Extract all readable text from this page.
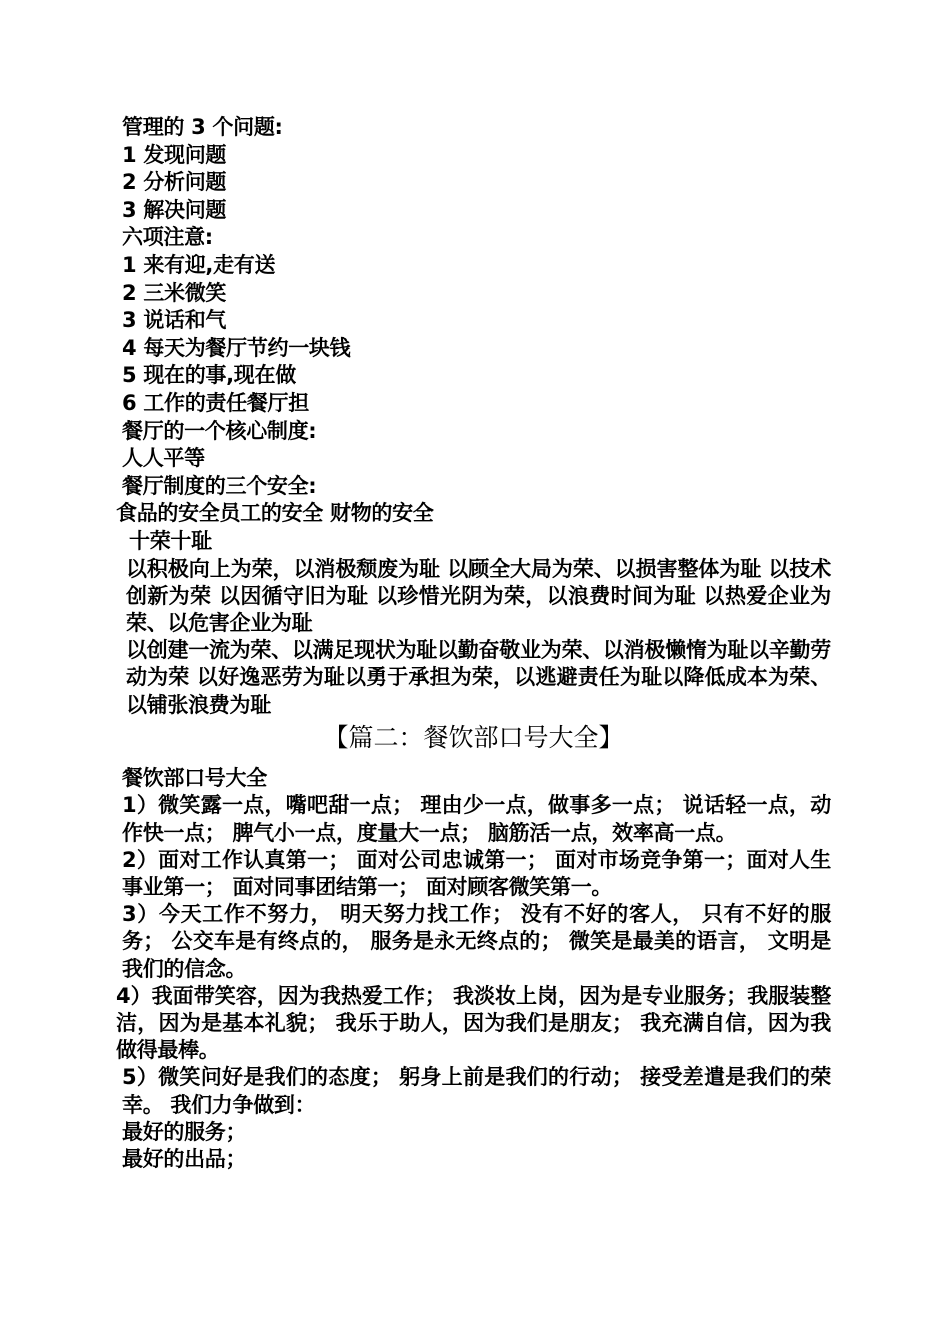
管理的 3 个问题:
1 发现问题
2 分析问题
3 解决问题
六项注意:
1 来有迎,走有送
2 三米微笑
3 说话和气
4 每天为餐厅节约一块钱
5 现在的事,现在做
6 工作的责任餐厅担
餐厅的一个核心制度:
人人平等
餐厅制度的三个安全:
食品的安全员工的安全 财物的安全
十荣十耻
以积极向上为荣，以消极颓废为耻 以顾全大局为荣、以损害整体为耻 以技术创新为荣 以因循守旧为耻 以珍惜光阴为荣，以浪费时间为耻 以热爱企业为荣、以危害企业为耻
以创建一流为荣、以满足现状为耻以勤奋敬业为荣、以消极懒惰为耻以辛勤劳动为荣 以好逸恶劳为耻以勇于承担为荣，以逃避责任为耻以降低成本为荣、以铺张浪费为耻
【篇二：餐饮部口号大全】
餐饮部口号大全
1）微笑露一点，嘴吧甜一点； 理由少一点，做事多一点； 说话轻一点，动作快一点； 脾气小一点，度量大一点； 脑筋活一点，效率高一点。
2）面对工作认真第一； 面对公司忠诚第一； 面对市场竞争第一；面对人生事业第一； 面对同事团结第一； 面对顾客微笑第一。
3）今天工作不努力， 明天努力找工作； 没有不好的客人， 只有不好的服务； 公交车是有终点的， 服务是永无终点的； 微笑是最美的语言， 文明是我们的信念。
4）我面带笑容，因为我热爱工作； 我淡妆上岗，因为是专业服务；我服装整洁，因为是基本礼貌； 我乐于助人，因为我们是朋友； 我充满自信，因为我做得最棒。
5）微笑问好是我们的态度； 躬身上前是我们的行动； 接受差遣是我们的荣幸。 我们力争做到：
最好的服务；
最好的出品；
